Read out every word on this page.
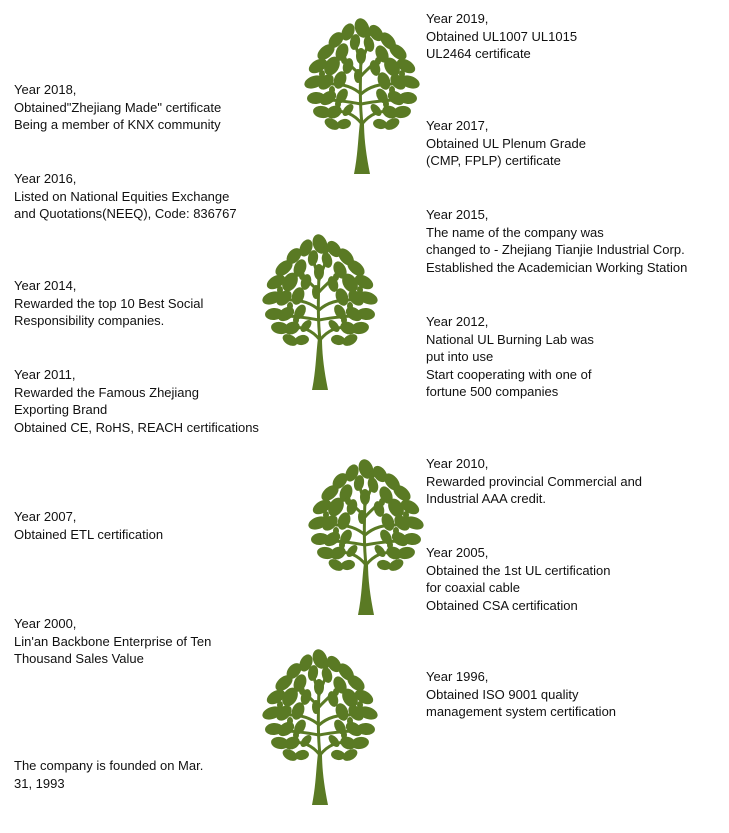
Year 2019,
Obtained UL1007 UL1015
UL2464 certificate
Year 2017,
Obtained UL Plenum Grade
(CMP, FPLP) certificate
Year 2015,
The name of the company was
changed to - Zhejiang Tianjie Industrial Corp.
Established the Academician Working Station
Year 2012,
National UL Burning Lab was
put into use
Start cooperating with one of
fortune 500 companies
Year 2010,
Rewarded provincial Commercial and
Industrial AAA credit.
Year 2005,
Obtained the 1st UL certification
for coaxial cable
Obtained CSA certification
Year 1996,
Obtained ISO 9001 quality
management system certification
Year 2018,
Obtained"Zhejiang Made" certificate
Being a member of KNX community
Year 2016,
Listed on National Equities Exchange
and Quotations(NEEQ), Code: 836767
Year 2014,
Rewarded the top 10 Best Social
Responsibility companies.
Year 2011,
Rewarded the Famous Zhejiang
Exporting Brand
Obtained CE, RoHS, REACH certifications
Year 2007,
Obtained ETL certification
Year 2000,
Lin'an Backbone Enterprise of Ten
Thousand Sales Value
The company is founded on Mar.
31, 1993
